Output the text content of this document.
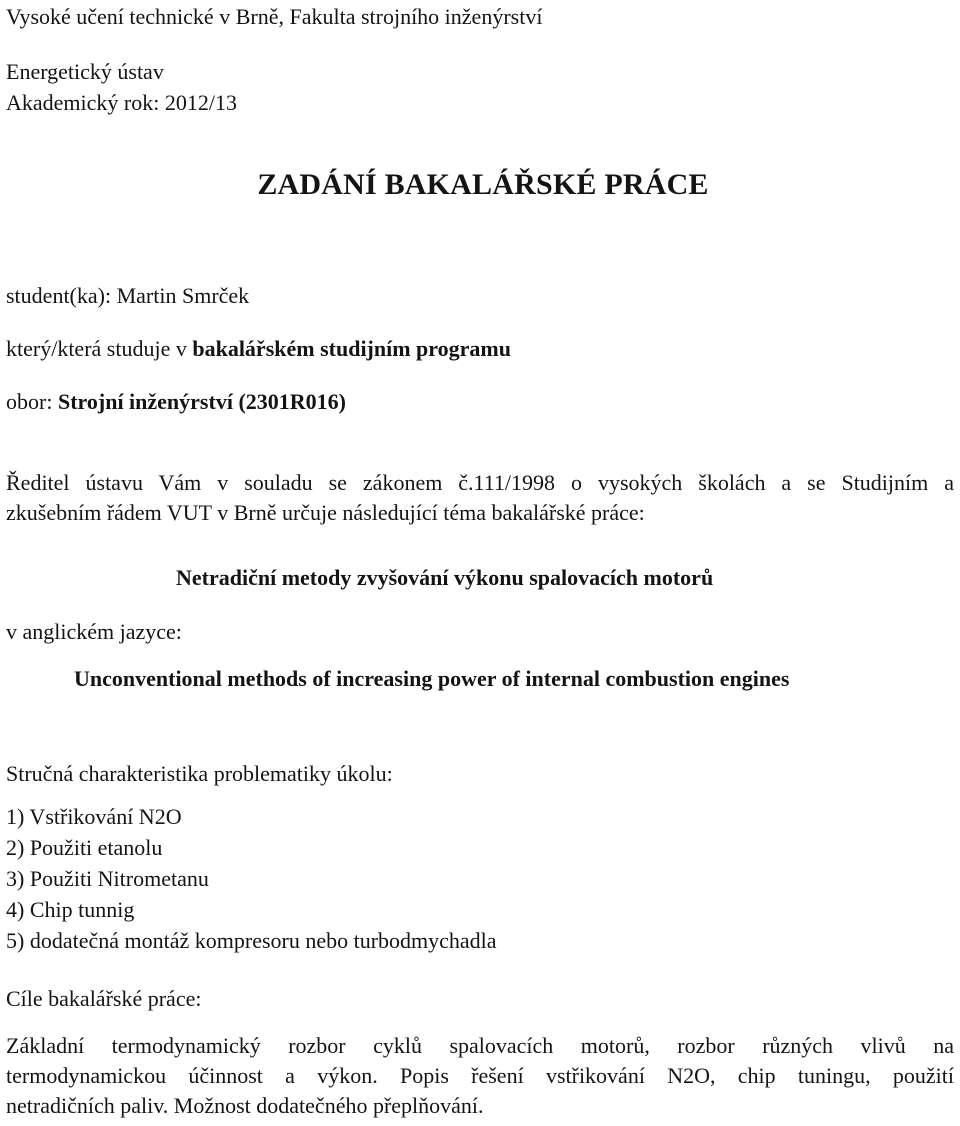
Vysoké učení technické v Brně, Fakulta strojního inženýrství
Energetický ústav
Akademický rok: 2012/13
ZADÁNÍ BAKALÁŘSKÉ PRÁCE
student(ka): Martin Smrček
který/která studuje v bakalářském studijním programu
obor: Strojní inženýrství (2301R016)
Ředitel ústavu Vám v souladu se zákonem č.111/1998 o vysokých školách a se Studijním a
zkušebním řádem VUT v Brně určuje následující téma bakalářské práce:
Netradiční metody zvyšování výkonu spalovacích motorů
v anglickém jazyce:
Unconventional methods of increasing power of internal combustion engines
Stručná charakteristika problematiky úkolu:
1) Vstřikování N2O
2) Použiti etanolu
3) Použiti Nitrometanu
4) Chip tunnig
5) dodatečná montáž kompresoru nebo turbodmychadla
Cíle bakalářské práce:
Základní termodynamický rozbor cyklů spalovacích motorů, rozbor různých vlivů na
termodynamickou účinnost a výkon. Popis řešení vstřikování N2O, chip tuningu, použití
netradičních paliv. Možnost dodatečného přeplňování.
